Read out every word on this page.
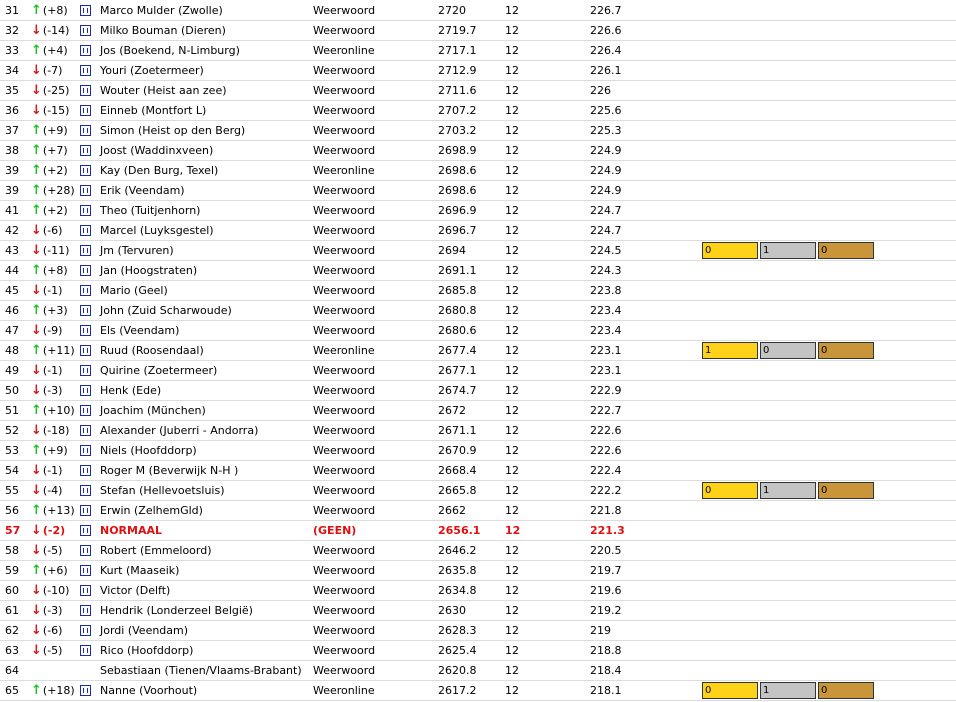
31 ↑ (+8)	Marco Mulder (Zwolle)	Weerwoord	2720	12	226.7
32 ↓ (-14)	Milko Bouman (Dieren)	Weerwoord	2719.7	12	226.6
33 ↑ (+4)	Jos (Boekend, N-Limburg)	Weeronline	2717.1	12	226.4
34 ↓ (-7)	Youri (Zoetermeer)	Weerwoord	2712.9	12	226.1
35 ↓ (-25)	Wouter (Heist aan zee)	Weerwoord	2711.6	12	226
36 ↓ (-15)	Einneb (Montfort L)	Weerwoord	2707.2	12	225.6
37 ↑ (+9)	Simon (Heist op den Berg)	Weerwoord	2703.2	12	225.3
38 ↑ (+7)	Joost (Waddinxveen)	Weerwoord	2698.9	12	224.9
39 ↑ (+2)	Kay (Den Burg, Texel)	Weeronline	2698.6	12	224.9
39 ↑ (+28) Erik (Veendam)	Weerwoord	2698.6	12	224.9
41 ↑ (+2)	Theo (Tuitjenhorn)	Weerwoord	2696.9	12	224.7
42 ↓ (-6)	Marcel (Luyksgestel)	Weerwoord	2696.7	12	224.7
43 ↓ (-11)	Jm (Tervuren)	Weerwoord	2694	12	224.5	0	1	0
44 ↑ (+8)	Jan (Hoogstraten)	Weerwoord	2691.1	12	224.3
45 ↓ (-1)	Mario (Geel)	Weerwoord	2685.8	12	223.8
46 ↑ (+3)	John (Zuid Scharwoude)	Weerwoord	2680.8	12	223.4
47 ↓ (-9)	Els (Veendam)	Weerwoord	2680.6	12	223.4
48 ↑ (+11) Ruud (Roosendaal)	Weeronline	2677.4	12	223.1	1	0	0
49 ↓ (-1)	Quirine (Zoetermeer)	Weerwoord	2677.1	12	223.1
50 ↓ (-3)	Henk (Ede)	Weerwoord	2674.7	12	222.9
51 ↑ (+10) Joachim (München)	Weerwoord	2672	12	222.7
52 ↓ (-18)	Alexander (Juberri - Andorra)	Weerwoord	2671.1	12	222.6
53 ↑ (+9)	Niels (Hoofddorp)	Weerwoord	2670.9	12	222.6
54 ↓ (-1)	Roger M (Beverwijk N-H )	Weerwoord	2668.4	12	222.4
55 ↓ (-4)	Stefan (Hellevoetsluis)	Weerwoord	2665.8	12	222.2	0	1	0
56 ↑ (+13) Erwin (ZelhemGld)	Weerwoord	2662	12	221.8
57 ↓ (-2)	NORMAAL	(GEEN)	2656.1	12	221.3
58 ↓ (-5)	Robert (Emmeloord)	Weerwoord	2646.2	12	220.5
59 ↑ (+6)	Kurt (Maaseik)	Weerwoord	2635.8	12	219.7
60 ↓ (-10)	Victor (Delft)	Weerwoord	2634.8	12	219.6
61 ↓ (-3)	Hendrik (Londerzeel België)	Weerwoord	2630	12	219.2
62 ↓ (-6)	Jordi (Veendam)	Weerwoord	2628.3	12	219
63 ↓ (-5)	Rico (Hoofddorp)	Weerwoord	2625.4	12	218.8
64	Sebastiaan (Tienen/Vlaams-Brabant)	Weerwoord	2620.8	12	218.4
65 ↑ (+18) Nanne (Voorhout)	Weeronline	2617.2	12	218.1	0	1	0
